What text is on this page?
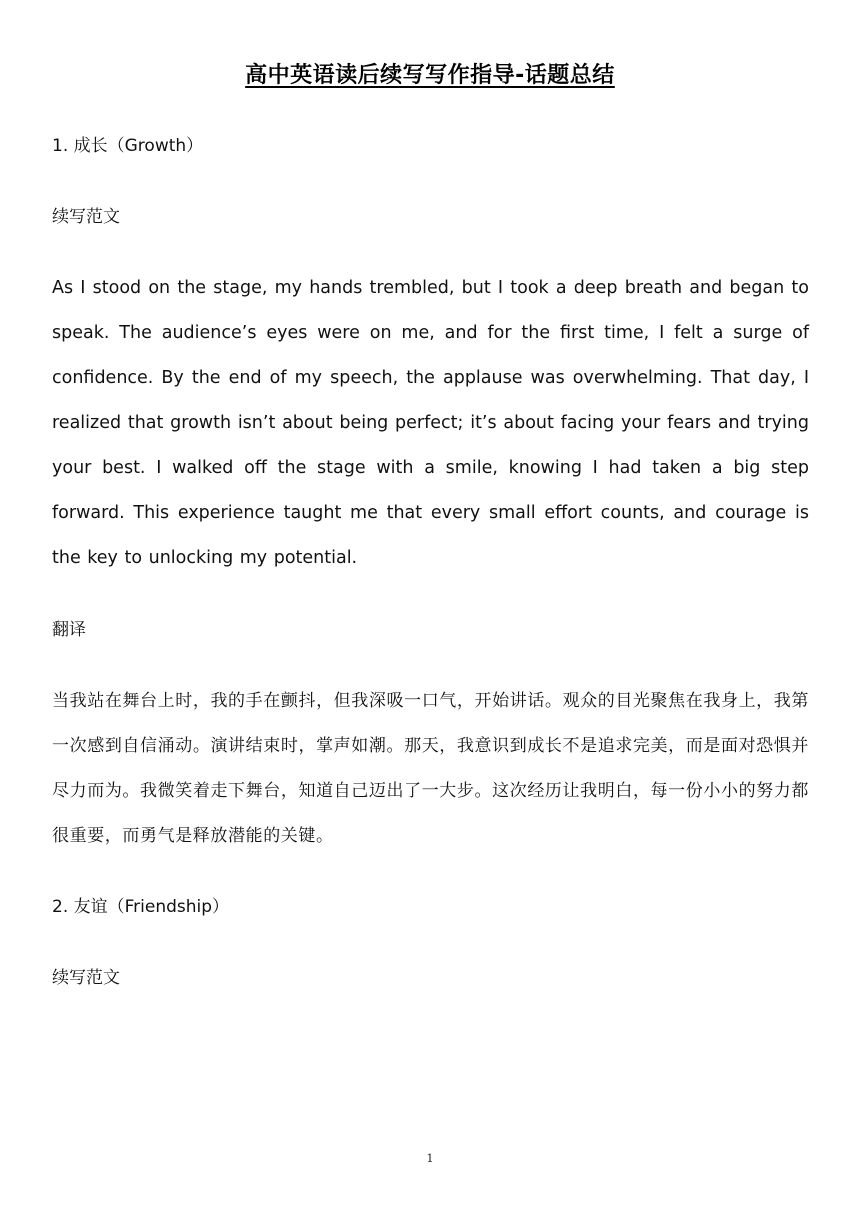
高中英语读后续写写作指导-话题总结
1. 成长（Growth）
续写范文
As I stood on the stage, my hands trembled, but I took a deep breath and began to speak. The audience’s eyes were on me, and for the first time, I felt a surge of confidence. By the end of my speech, the applause was overwhelming. That day, I realized that growth isn’t about being perfect; it’s about facing your fears and trying your best. I walked off the stage with a smile, knowing I had taken a big step forward. This experience taught me that every small effort counts, and courage is the key to unlocking my potential.
翻译
当我站在舞台上时，我的手在颤抖，但我深吸一口气，开始讲话。观众的目光聚焦在我身上，我第一次感到自信涌动。演讲结束时，掌声如潮。那天，我意识到成长不是追求完美，而是面对恐惧并尽力而为。我微笑着走下舞台，知道自己迈出了一大步。这次经历让我明白，每一份小小的努力都很重要，而勇气是释放潜能的关键。
2. 友谊（Friendship）
续写范文
1
